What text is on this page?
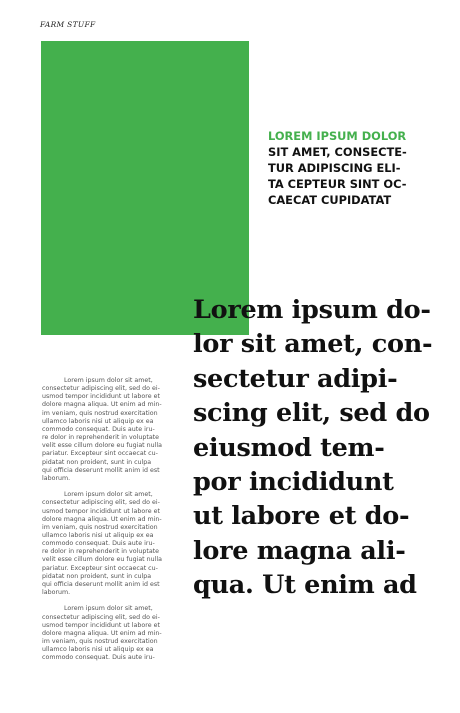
FARM STUFF
LOREM IPSUM DOLOR
SIT AMET, CONSECTE-
TUR ADIPISCING ELI-
TA CEPTEUR SINT OC-
CAECAT CUPIDATAT
Lorem ipsum do-
lor sit amet, con-
sectetur adipi-
scing elit, sed do
eiusmod tem-
por incididunt
ut labore et do-
lore magna ali-
qua. Ut enim ad
Lorem ipsum dolor sit amet,
consectetur adipiscing elit, sed do ei-
usmod tempor incididunt ut labore et
dolore magna aliqua. Ut enim ad min-
im veniam, quis nostrud exercitation
ullamco laboris nisi ut aliquip ex ea
commodo consequat. Duis aute iru-
re dolor in reprehenderit in voluptate
velit esse cillum dolore eu fugiat nulla
pariatur. Excepteur sint occaecat cu-
pidatat non proident, sunt in culpa
qui officia deserunt mollit anim id est
laborum.
Lorem ipsum dolor sit amet,
consectetur adipiscing elit, sed do ei-
usmod tempor incididunt ut labore et
dolore magna aliqua. Ut enim ad min-
im veniam, quis nostrud exercitation
ullamco laboris nisi ut aliquip ex ea
commodo consequat. Duis aute iru-
re dolor in reprehenderit in voluptate
velit esse cillum dolore eu fugiat nulla
pariatur. Excepteur sint occaecat cu-
pidatat non proident, sunt in culpa
qui officia deserunt mollit anim id est
laborum.
Lorem ipsum dolor sit amet,
consectetur adipiscing elit, sed do ei-
usmod tempor incididunt ut labore et
dolore magna aliqua. Ut enim ad min-
im veniam, quis nostrud exercitation
ullamco laboris nisi ut aliquip ex ea
commodo consequat. Duis aute iru-
